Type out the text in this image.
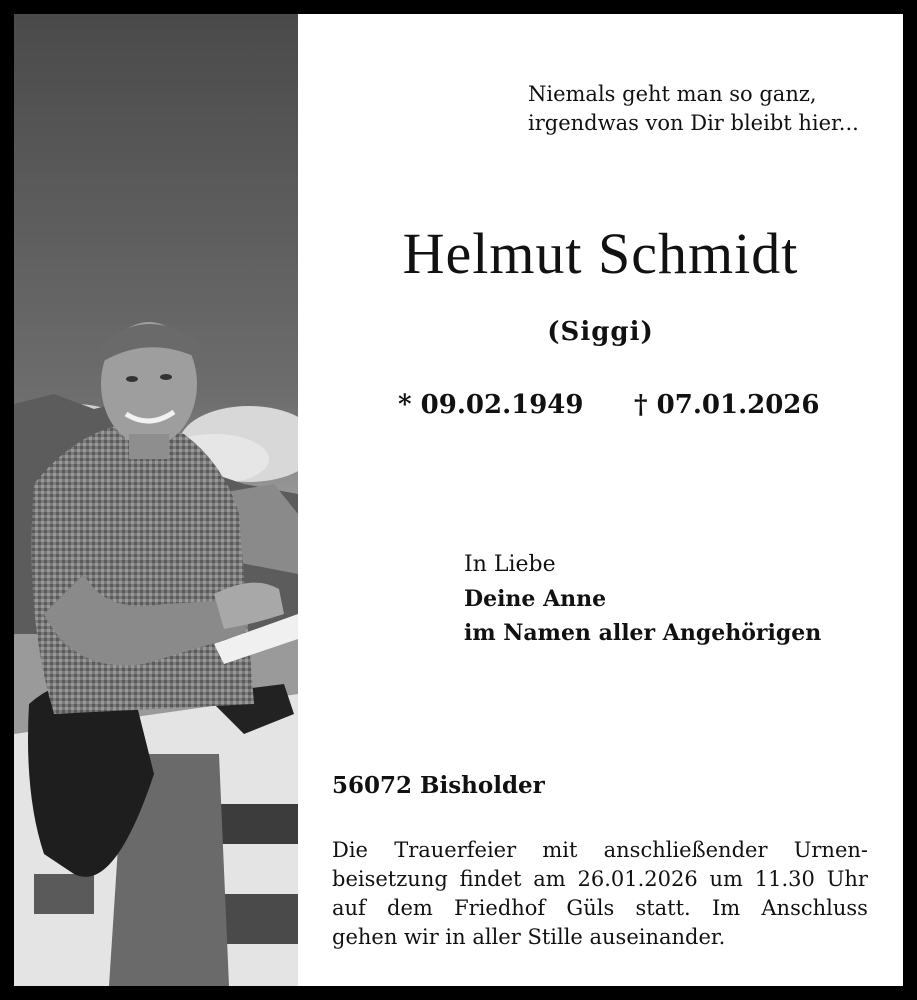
Niemals geht man so ganz,
irgendwas von Dir bleibt hier...
Helmut Schmidt
(Siggi)
* 09.02.1949 † 07.01.2026
In Liebe
Deine Anne
im Namen aller Angehörigen
56072 Bisholder
Die Trauerfeier mit anschließender Urnen-
beisetzung findet am 26.01.2026 um 11.30 Uhr
auf dem Friedhof Güls statt. Im Anschluss
gehen wir in aller Stille auseinander.
